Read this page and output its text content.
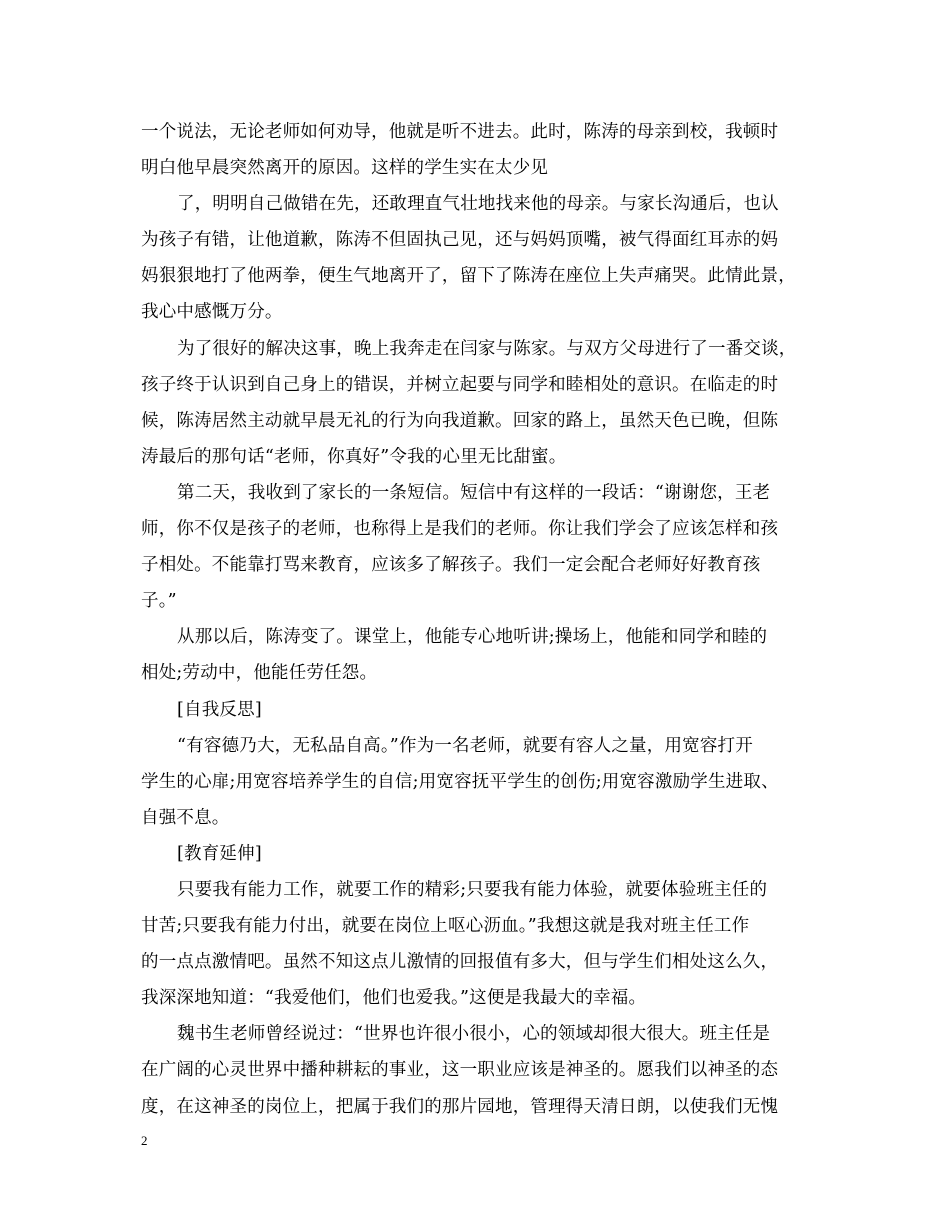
一个说法，无论老师如何劝导，他就是听不进去。此时，陈涛的母亲到校，我顿时
明白他早晨突然离开的原因。这样的学生实在太少见
了，明明自己做错在先，还敢理直气壮地找来他的母亲。与家长沟通后，也认
为孩子有错，让他道歉，陈涛不但固执己见，还与妈妈顶嘴，被气得面红耳赤的妈
妈狠狠地打了他两拳，便生气地离开了，留下了陈涛在座位上失声痛哭。此情此景，
我心中感慨万分。
为了很好的解决这事，晚上我奔走在闫家与陈家。与双方父母进行了一番交谈，
孩子终于认识到自己身上的错误，并树立起要与同学和睦相处的意识。在临走的时
候，陈涛居然主动就早晨无礼的行为向我道歉。回家的路上，虽然天色已晚，但陈
涛最后的那句话“老师，你真好”令我的心里无比甜蜜。
第二天，我收到了家长的一条短信。短信中有这样的一段话：“谢谢您，王老
师，你不仅是孩子的老师，也称得上是我们的老师。你让我们学会了应该怎样和孩
子相处。不能靠打骂来教育，应该多了解孩子。我们一定会配合老师好好教育孩
子。”
从那以后，陈涛变了。课堂上，他能专心地听讲;操场上，他能和同学和睦的
相处;劳动中，他能任劳任怨。
[自我反思]
“有容德乃大，无私品自高。”作为一名老师，就要有容人之量，用宽容打开
学生的心扉;用宽容培养学生的自信;用宽容抚平学生的创伤;用宽容激励学生进取、
自强不息。
[教育延伸]
只要我有能力工作，就要工作的精彩;只要我有能力体验，就要体验班主任的
甘苦;只要我有能力付出，就要在岗位上呕心沥血。”我想这就是我对班主任工作
的一点点激情吧。虽然不知这点儿激情的回报值有多大，但与学生们相处这么久，
我深深地知道：“我爱他们，他们也爱我。”这便是我最大的幸福。
魏书生老师曾经说过：“世界也许很小很小，心的领域却很大很大。班主任是
在广阔的心灵世界中播种耕耘的事业，这一职业应该是神圣的。愿我们以神圣的态
度，在这神圣的岗位上，把属于我们的那片园地，管理得天清日朗，以使我们无愧
2
